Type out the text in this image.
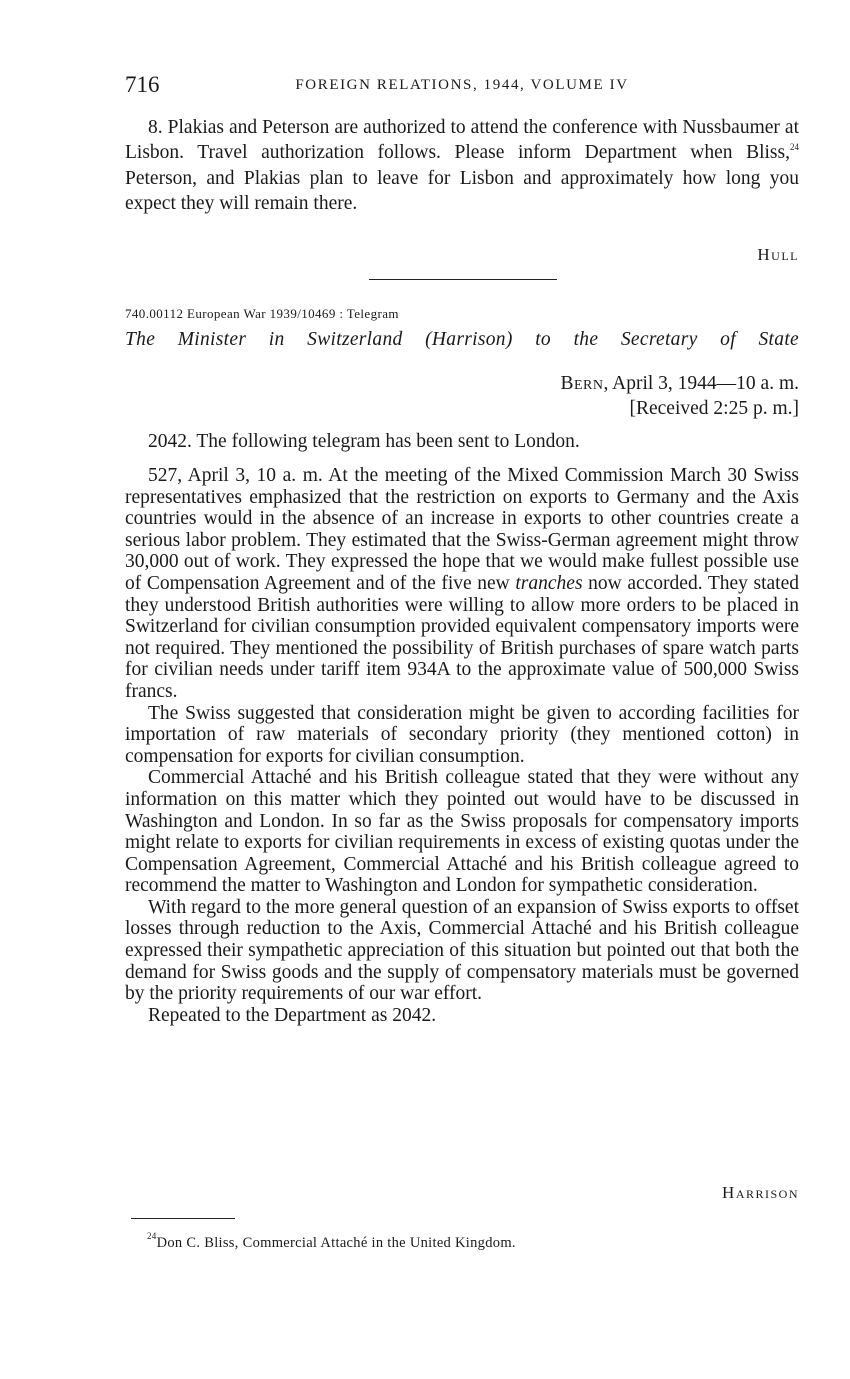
716	FOREIGN RELATIONS, 1944, VOLUME IV

8. Plakias and Peterson are authorized to attend the conference with Nussbaumer at Lisbon. Travel authorization follows. Please inform Department when Bliss,$^{24}$ Peterson, and Plakias plan to leave for Lisbon and approximately how long you expect they will remain there.

Hull

740.00112 European War 1939/10469 : Telegram

The Minister in Switzerland (Harrison) to the Secretary of State

Bern, April 3, 1944—10 a. m.
[Received 2:25 p. m.]

2042. The following telegram has been sent to London.

527, April 3, 10 a. m. At the meeting of the Mixed Commission March 30 Swiss representatives emphasized that the restriction on exports to Germany and the Axis countries would in the absence of an increase in exports to other countries create a serious labor problem. They estimated that the Swiss-German agreement might throw 30,000 out of work. They expressed the hope that we would make fullest possible use of Compensation Agreement and of the five new tranches now accorded. They stated they understood British authorities were willing to allow more orders to be placed in Switzerland for civilian consumption provided equivalent compensatory imports were not required. They mentioned the possibility of British purchases of spare watch parts for civilian needs under tariff item 934A to the approximate value of 500,000 Swiss francs.

The Swiss suggested that consideration might be given to according facilities for importation of raw materials of secondary priority (they mentioned cotton) in compensation for exports for civilian consumption.

Commercial Attaché and his British colleague stated that they were without any information on this matter which they pointed out would have to be discussed in Washington and London. In so far as the Swiss proposals for compensatory imports might relate to exports for civilian requirements in excess of existing quotas under the Compensation Agreement, Commercial Attaché and his British colleague agreed to recommend the matter to Washington and London for sympathetic consideration.

With regard to the more general question of an expansion of Swiss exports to offset losses through reduction to the Axis, Commercial Attaché and his British colleague expressed their sympathetic appreciation of this situation but pointed out that both the demand for Swiss goods and the supply of compensatory materials must be governed by the priority requirements of our war effort.

Repeated to the Department as 2042.

Harrison

$^{24}$Don C. Bliss, Commercial Attaché in the United Kingdom.
